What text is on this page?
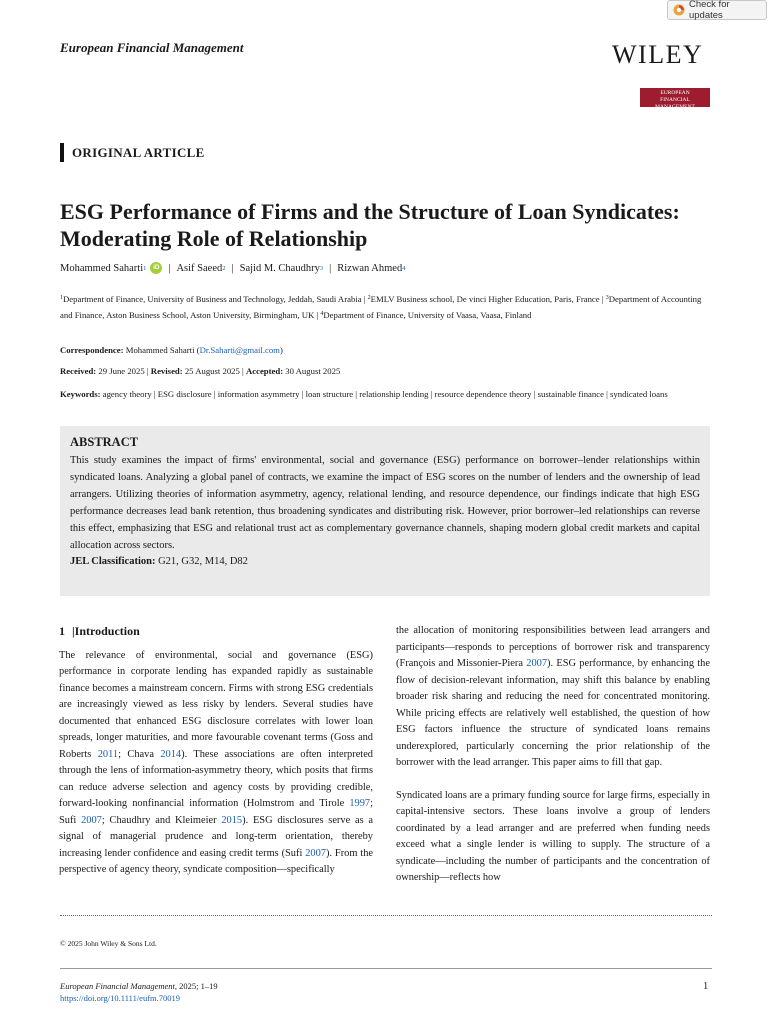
Check for updates
European Financial Management	WILEY
EUROPEAN
FINANCIAL MANAGEMENT
ORIGINAL ARTICLE
ESG Performance of Firms and the Structure of Loan Syndicates: Moderating Role of Relationship
Mohammed Saharti 1	iD | Asif Saeed 2 | Sajid M. Chaudhry 3 | Rizwan Ahmed 4
$^1$Department of Finance, University of Business and Technology, Jeddah, Saudi Arabia | $^2$EMLV Business school, De vinci Higher Education, Paris, France | $^3$Department of Accounting and Finance, Aston Business School, Aston University, Birmingham, UK | $^4$Department of Finance, University of Vaasa, Vaasa, Finland
Correspondence: Mohammed Saharti (Dr.Saharti@gmail.com)
Received: 29 June 2025 | Revised: 25 August 2025 | Accepted: 30 August 2025
Keywords: agency theory | ESG disclosure | information asymmetry | loan structure | relationship lending | resource dependence theory | sustainable finance | syndicated loans
ABSTRACT

This study examines the impact of firms' environmental, social and governance (ESG) performance on borrower–lender relationships within syndicated loans. Analyzing a global panel of contracts, we examine the impact of ESG scores on the number of lenders and the ownership of lead arrangers. Utilizing theories of information asymmetry, agency, relational lending, and resource dependence, our findings indicate that high ESG performance decreases lead bank retention, thus broadening syndicates and distributing risk. However, prior borrower–led relationships can reverse this effect, emphasizing that ESG and relational trust act as complementary governance channels, shaping modern global credit markets and capital allocation across sectors.

JEL Classification: G21, G32, M14, D82

1 |Introduction

The relevance of environmental, social and governance (ESG) performance in corporate lending has expanded rapidly as sustainable finance becomes a mainstream concern. Firms with strong ESG credentials are increasingly viewed as less risky by lenders. Several studies have documented that enhanced ESG disclosure correlates with lower loan spreads, longer maturities, and more favourable covenant terms (Goss and Roberts 2011; Chava 2014). These associations are often interpreted through the lens of information-asymmetry theory, which posits that firms can reduce adverse selection and agency costs by providing credible, forward-looking nonfinancial information (Holmstrom and Tirole 1997; Sufi 2007; Chaudhry and Kleimeier 2015). ESG disclosures serve as a signal of managerial prudence and long-term orientation, thereby increasing lender confidence and easing credit terms (Sufi 2007). From the perspective of agency theory, syndicate composition—specifically

the allocation of monitoring responsibilities between lead arrangers and participants—responds to perceptions of borrower risk and transparency (François and Missonier-Piera 2007). ESG performance, by enhancing the flow of decision-relevant information, may shift this balance by enabling broader risk sharing and reducing the need for concentrated monitoring. While pricing effects are relatively well established, the question of how ESG factors influence the structure of syndicated loans remains underexplored, particularly concerning the prior relationship of the borrower with the lead arranger. This paper aims to fill that gap.

Syndicated loans are a primary funding source for large firms, especially in capital-intensive sectors. These loans involve a group of lenders coordinated by a lead arranger and are preferred when funding needs exceed what a single lender is willing to supply. The structure of a syndicate—including the number of participants and the concentration of ownership—reflects how

© 2025 John Wiley & Sons Ltd.
European Financial Management, 2025; 1–19
https://doi.org/10.1111/eufm.70019
1
